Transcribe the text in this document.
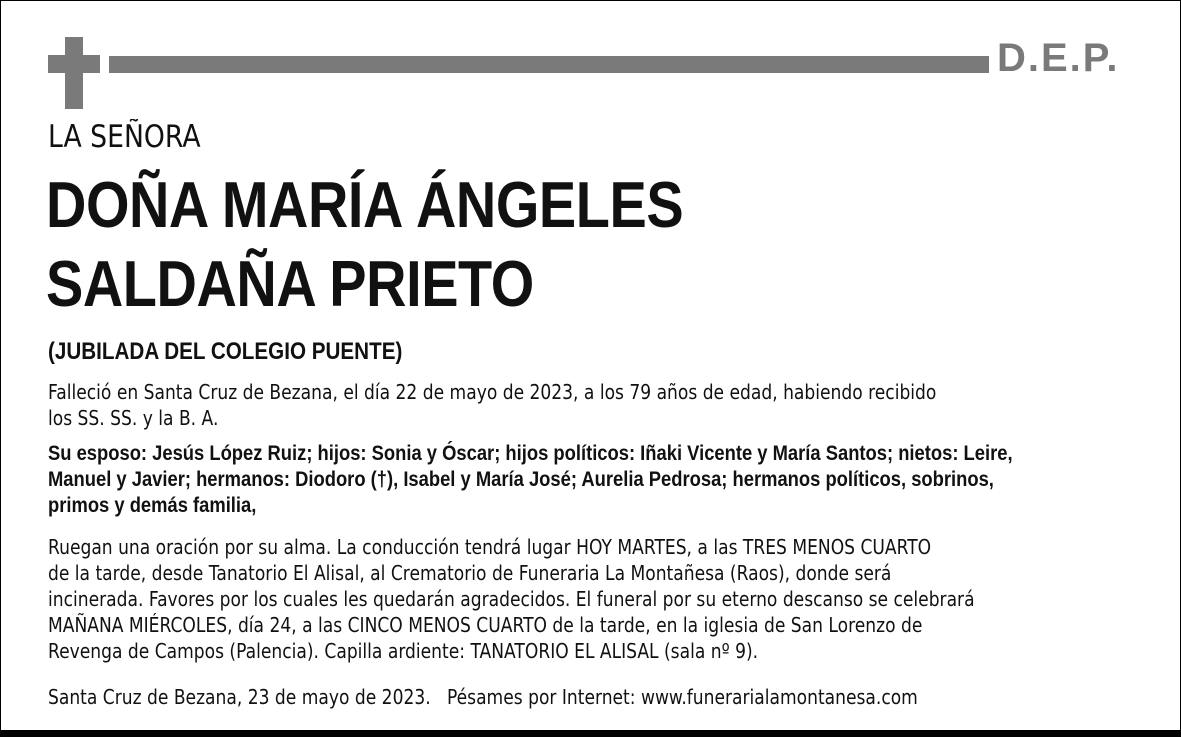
D.E.P.
LA SEÑORA
DOÑA MARÍA ÁNGELES
SALDAÑA PRIETO
(JUBILADA DEL COLEGIO PUENTE)
Falleció en Santa Cruz de Bezana, el día 22 de mayo de 2023, a los 79 años de edad, habiendo recibido
los SS. SS. y la B. A.
Su esposo: Jesús López Ruiz; hijos: Sonia y Óscar; hijos políticos: Iñaki Vicente y María Santos; nietos: Leire,
Manuel y Javier; hermanos: Diodoro (†), Isabel y María José; Aurelia Pedrosa; hermanos políticos, sobrinos,
primos y demás familia,
Ruegan una oración por su alma. La conducción tendrá lugar HOY MARTES, a las TRES MENOS CUARTO
de la tarde, desde Tanatorio El Alisal, al Crematorio de Funeraria La Montañesa (Raos), donde será
incinerada. Favores por los cuales les quedarán agradecidos. El funeral por su eterno descanso se celebrará
MAÑANA MIÉRCOLES, día 24, a las CINCO MENOS CUARTO de la tarde, en la iglesia de San Lorenzo de
Revenga de Campos (Palencia). Capilla ardiente: TANATORIO EL ALISAL (sala nº 9).
Santa Cruz de Bezana, 23 de mayo de 2023. Pésames por Internet: www.funerarialamontanesa.com
